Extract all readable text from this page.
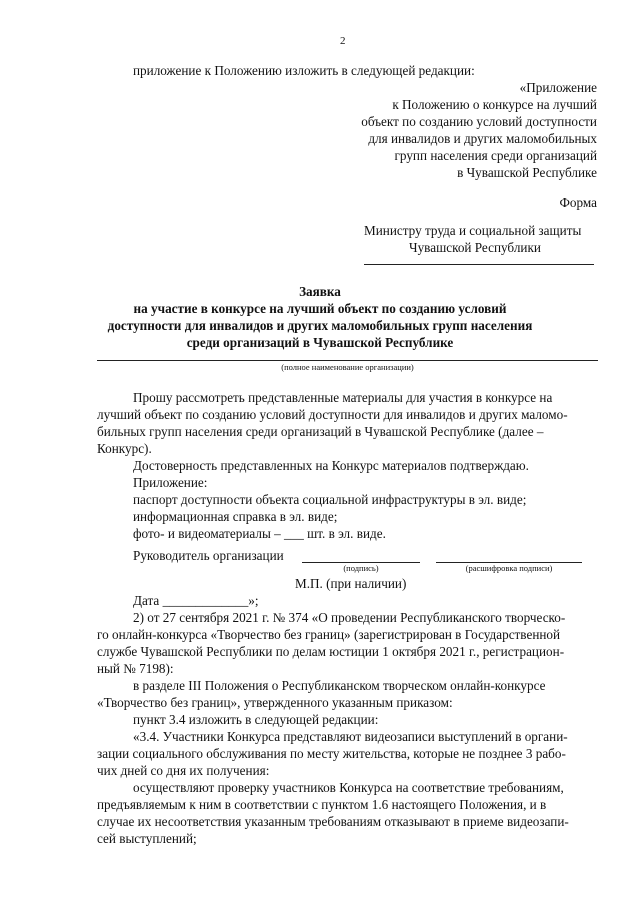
2
приложение к Положению изложить в следующей редакции:
«Приложение
к Положению о конкурсе на лучший
объект по созданию условий доступности
для инвалидов и других маломобильных
групп населения среди организаций
в Чувашской Республике
Форма
Министру труда и социальной защиты
Чувашской Республики
Заявка
на участие в конкурсе на лучший объект по созданию условий
доступности для инвалидов и других маломобильных групп населения
среди организаций в Чувашской Республике
(полное наименование организации)
Прошу рассмотреть представленные материалы для участия в конкурсе на
лучший объект по созданию условий доступности для инвалидов и других маломо-
бильных групп населения среди организаций в Чувашской Республике (далее –
Конкурс).
Достоверность представленных на Конкурс материалов подтверждаю.
Приложение:
паспорт доступности объекта социальной инфраструктуры в эл. виде;
информационная справка в эл. виде;
фото- и видеоматериалы – ___ шт. в эл. виде.
Руководитель организации
(подпись)	(расшифровка подписи)
М.П. (при наличии)
Дата _____________»;
2) от 27 сентября 2021 г. № 374 «О проведении Республиканского творческо-
го онлайн-конкурса «Творчество без границ» (зарегистрирован в Государственной
службе Чувашской Республики по делам юстиции 1 октября 2021 г., регистрацион-
ный № 7198):
в разделе III Положения о Республиканском творческом онлайн-конкурсе
«Творчество без границ», утвержденного указанным приказом:
пункт 3.4 изложить в следующей редакции:
«3.4. Участники Конкурса представляют видеозаписи выступлений в органи-
зации социального обслуживания по месту жительства, которые не позднее 3 рабо-
чих дней со дня их получения:
осуществляют проверку участников Конкурса на соответствие требованиям,
предъявляемым к ним в соответствии с пунктом 1.6 настоящего Положения, и в
случае их несоответствия указанным требованиям отказывают в приеме видеозапи-
сей выступлений;
